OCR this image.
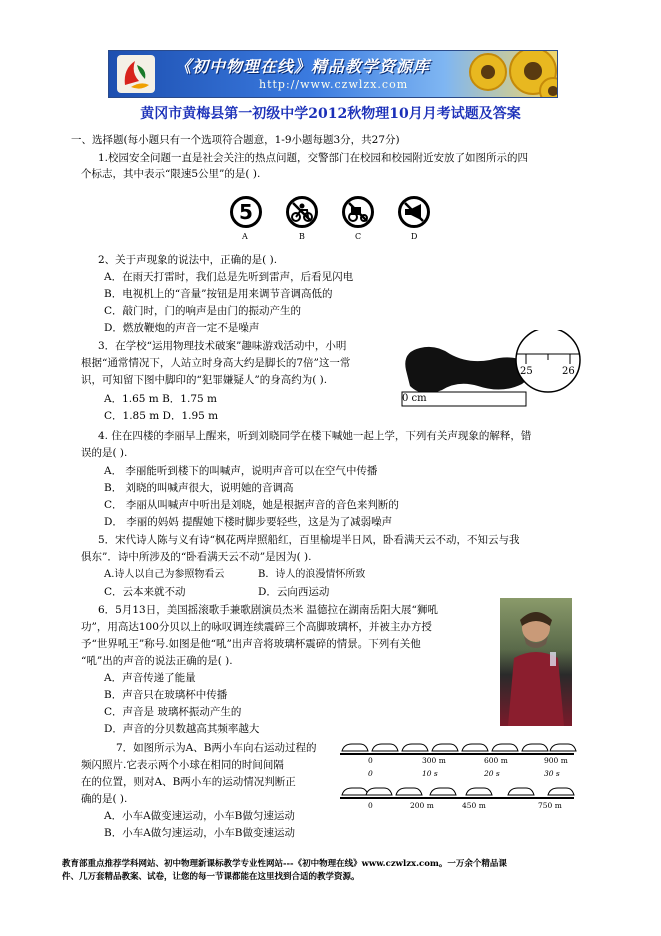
《初中物理在线》精品教学资源库
http://www.czwlzx.com
黄冈市黄梅县第一初级中学2012秋物理10月月考试题及答案
一、选择题(每小题只有一个选项符合题意，1-9小题每题3分，共27分)
1.校园安全问题一直是社会关注的热点问题，交警部门在校园和校园附近安放了如图所示的四
个标志，其中表示“限速5公里”的是( ).
5
A	B	C	D
2、关于声现象的说法中，正确的是( ).
A．在雨天打雷时，我们总是先听到雷声，后看见闪电
B．电视机上的“音量”按钮是用来调节音调高低的
C．敲门时，门的响声是由门的振动产生的
D．燃放鞭炮的声音一定不是噪声
3．在学校“运用物理技术破案”趣味游戏活动中，小明
根据“通常情况下，人站立时身高大约是脚长的7倍”这一常
识，可知留下图中脚印的“犯罪嫌疑人”的身高约为( ).
A．1.65 m B．1.75 m
C．1.85 m D．1.95 m
0 cm
25	26
4. 住在四楼的李丽早上醒来，听到刘晓同学在楼下喊她一起上学，下列有关声现象的解释，错
误的是( ).
A． 李丽能听到楼下的叫喊声，说明声音可以在空气中传播
B． 刘晓的叫喊声很大，说明她的音调高
C． 李丽从叫喊声中听出是刘晓，她是根据声音的音色来判断的
D． 李丽的妈妈 提醒她下楼时脚步要轻些，这是为了减弱噪声
5．宋代诗人陈与义有诗“枫花两岸照船红，百里榆堤半日风，卧看满天云不动，不知云与我
俱东”．诗中所涉及的“卧看满天云不动”是因为( ).
A.诗人以自己为参照物看云	B．诗人的浪漫情怀所致
C．云本来就不动	D．云向西运动
6．5月13日，美国摇滚歌手兼歌剧演员杰米 温德拉在湖南岳阳大展“狮吼
功”，用高达100分贝以上的咏叹调连续震碎三个高脚玻璃杯，并被主办方授
予“世界吼王”称号.如图是他“吼”出声音将玻璃杯震碎的情景。下列有关他
“吼”出的声音的说法正确的是( ).
A．声音传递了能量
B．声音只在玻璃杯中传播
C．声音是 玻璃杯振动产生的
D．声音的分贝数越高其频率越大
7．如图所示为A、B两小车向右运动过程的
频闪照片.它表示两个小球在相同的时间间隔
在的位置，则对A、B两小车的运动情况判断正
确的是( ).
A．小车A做变速运动，小车B做匀速运动
B．小车A做匀速运动，小车B做变速运动
0	300 m	600 m	900 m
0	10 s	20 s	30 s
0	200 m	450 m	750 m
教育部重点推荐学科网站、初中物理新课标教学专业性网站---《初中物理在线》www.czwlzx.com。一万余个精品课
件、几万套精品教案、试卷，让您的每一节课都能在这里找到合适的教学资源。
